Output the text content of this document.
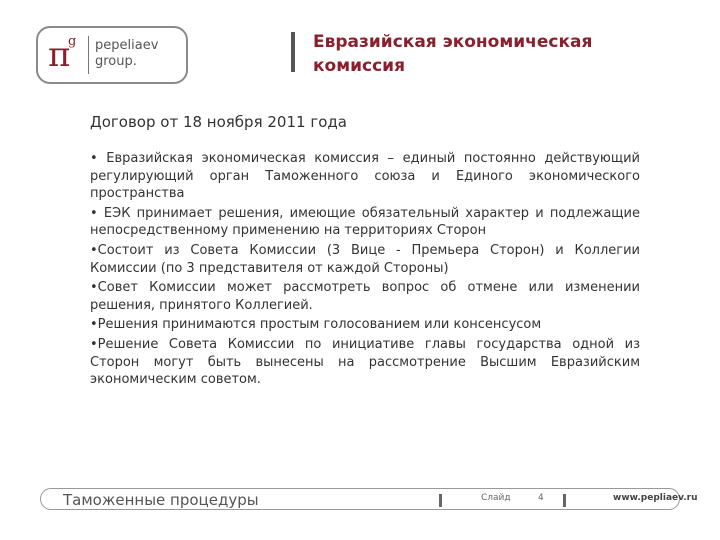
π
g pepeliaev
group.
Евразийская экономическая
комиссия
Договор от 18 ноября 2011 года

• Евразийская экономическая комиссия – единый постоянно действующий регулирующий орган Таможенного союза и Единого экономического пространства

• ЕЭК принимает решения, имеющие обязательный характер и подлежащие непосредственному применению на территориях Сторон

•Состоит из Совета Комиссии (3 Вице - Премьера Сторон) и Коллегии Комиссии (по 3 представителя от каждой Стороны)

•Совет Комиссии может рассмотреть вопрос об отмене или изменении решения, принятого Коллегией.

•Решения принимаются простым голосованием или консенсусом

•Решение Совета Комиссии по инициативе главы государства одной из Сторон могут быть вынесены на рассмотрение Высшим Евразийским экономическим советом.

Таможенные процедуры	Слайд	4	www.pepliaev.ru
